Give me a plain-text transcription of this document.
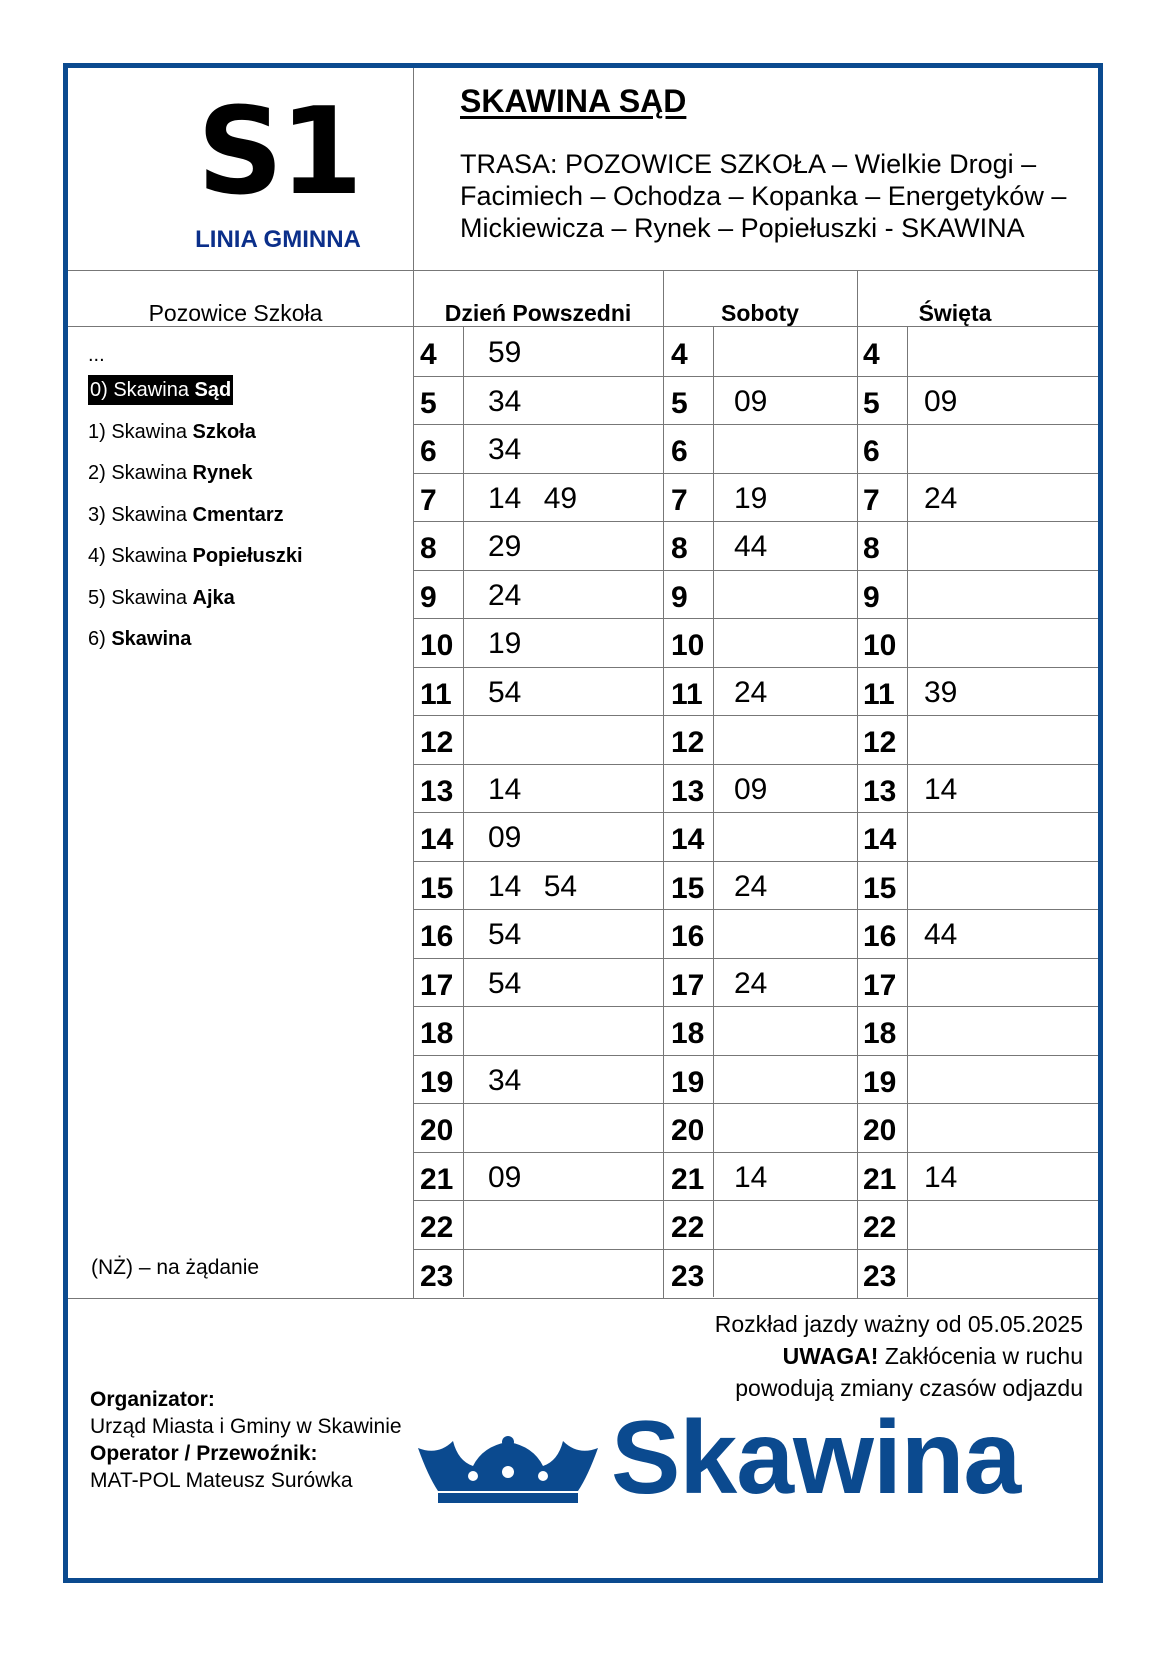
S1
LINIA GMINNA
SKAWINA SĄD
TRASA: POZOWICE SZKOŁA – Wielkie Drogi –
Facimiech – Ochodza – Kopanka – Energetyków –
Mickiewicza – Rynek – Popiełuszki - SKAWINA
Pozowice Szkoła	Dzień Powszedni	Soboty	Święta
...
0) Skawina Sąd
1) Skawina Szkoła
2) Skawina Rynek
3) Skawina Cmentarz
4) Skawina Popiełuszki
5) Skawina Ajka
6) Skawina
(NŻ) – na żądanie
4 59	4	4
5 34	5 09	5 09
6 34	6	6
7 14 49	7 19	7 24
8 29	8 44	8
9 24	9	9
10 19	10	10
11 54	11 24	11 39
12	12	12
13 14	13 09	13 14
14 09	14	14
15 14 54	15 24	15
16 54	16	16 44
17 54	17 24	17
18	18	18
19 34	19	19
20	20	20
21 09	21 14	21 14
22	22	22
23	23	23
Rozkład jazdy ważny od 05.05.2025
UWAGA! Zakłócenia w ruchu
powodują zmiany czasów odjazdu
Organizator:
Urząd Miasta i Gminy w Skawinie
Operator / Przewoźnik:
MAT-POL Mateusz Surówka	Skawina
